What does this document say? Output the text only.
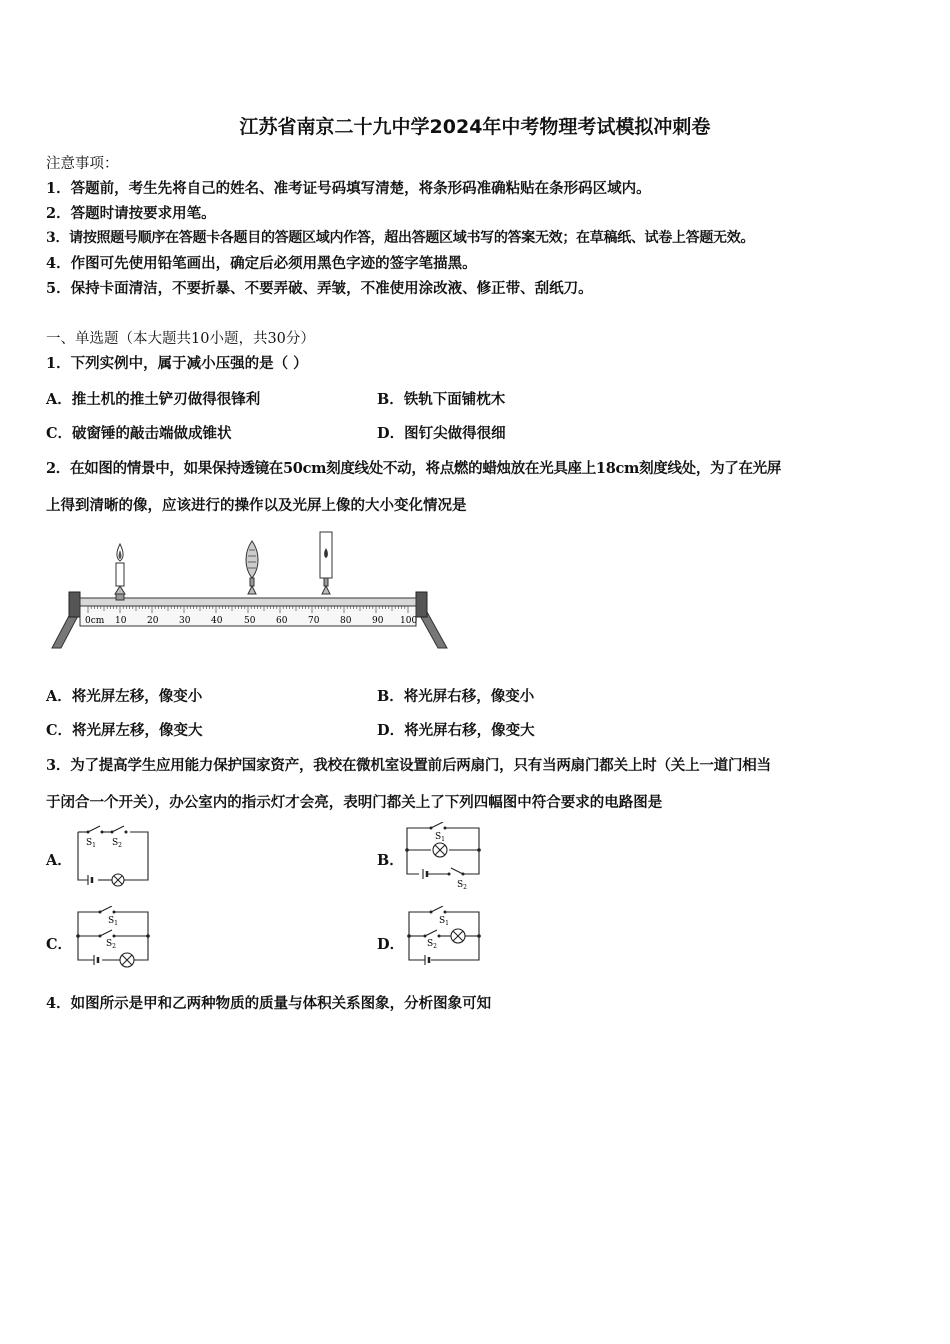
江苏省南京二十九中学2024年中考物理考试模拟冲刺卷
注意事项：
1．答题前，考生先将自己的姓名、准考证号码填写清楚，将条形码准确粘贴在条形码区域内。
2．答题时请按要求用笔。
3．请按照题号顺序在答题卡各题目的答题区域内作答，超出答题区域书写的答案无效；在草稿纸、试卷上答题无效。
4．作图可先使用铅笔画出，确定后必须用黑色字迹的签字笔描黑。
5．保持卡面清洁，不要折暴、不要弄破、弄皱，不准使用涂改液、修正带、刮纸刀。
一、单选题（本大题共10小题，共30分）
1．下列实例中，属于减小压强的是（ ）
A．推土机的推土铲刃做得很锋利	B．铁轨下面铺枕木
C．破窗锤的敲击端做成锥状	D．图钉尖做得很细
2．在如图的情景中，如果保持透镜在50cm刻度线处不动，将点燃的蜡烛放在光具座上18cm刻度线处，为了在光屏
上得到清晰的像，应该进行的操作以及光屏上像的大小变化情况是
0cm 10 20 30 40 50 60 70 80 90 100
A．将光屏左移，像变小	B．将光屏右移，像变小
C．将光屏左移，像变大	D．将光屏右移，像变大
3．为了提高学生应用能力保护国家资产，我校在微机室设置前后两扇门，只有当两扇门都关上时（关上一道门相当
于闭合一个开关），办公室内的指示灯才会亮，表明门都关上了下列四幅图中符合要求的电路图是
A．	B．
C．	D．
$S_1$ $S_2$
$S_1$
$S_2$
$S_1$
$S_2$
$S_1$
$S_2$
4．如图所示是甲和乙两种物质的质量与体积关系图象，分析图象可知
